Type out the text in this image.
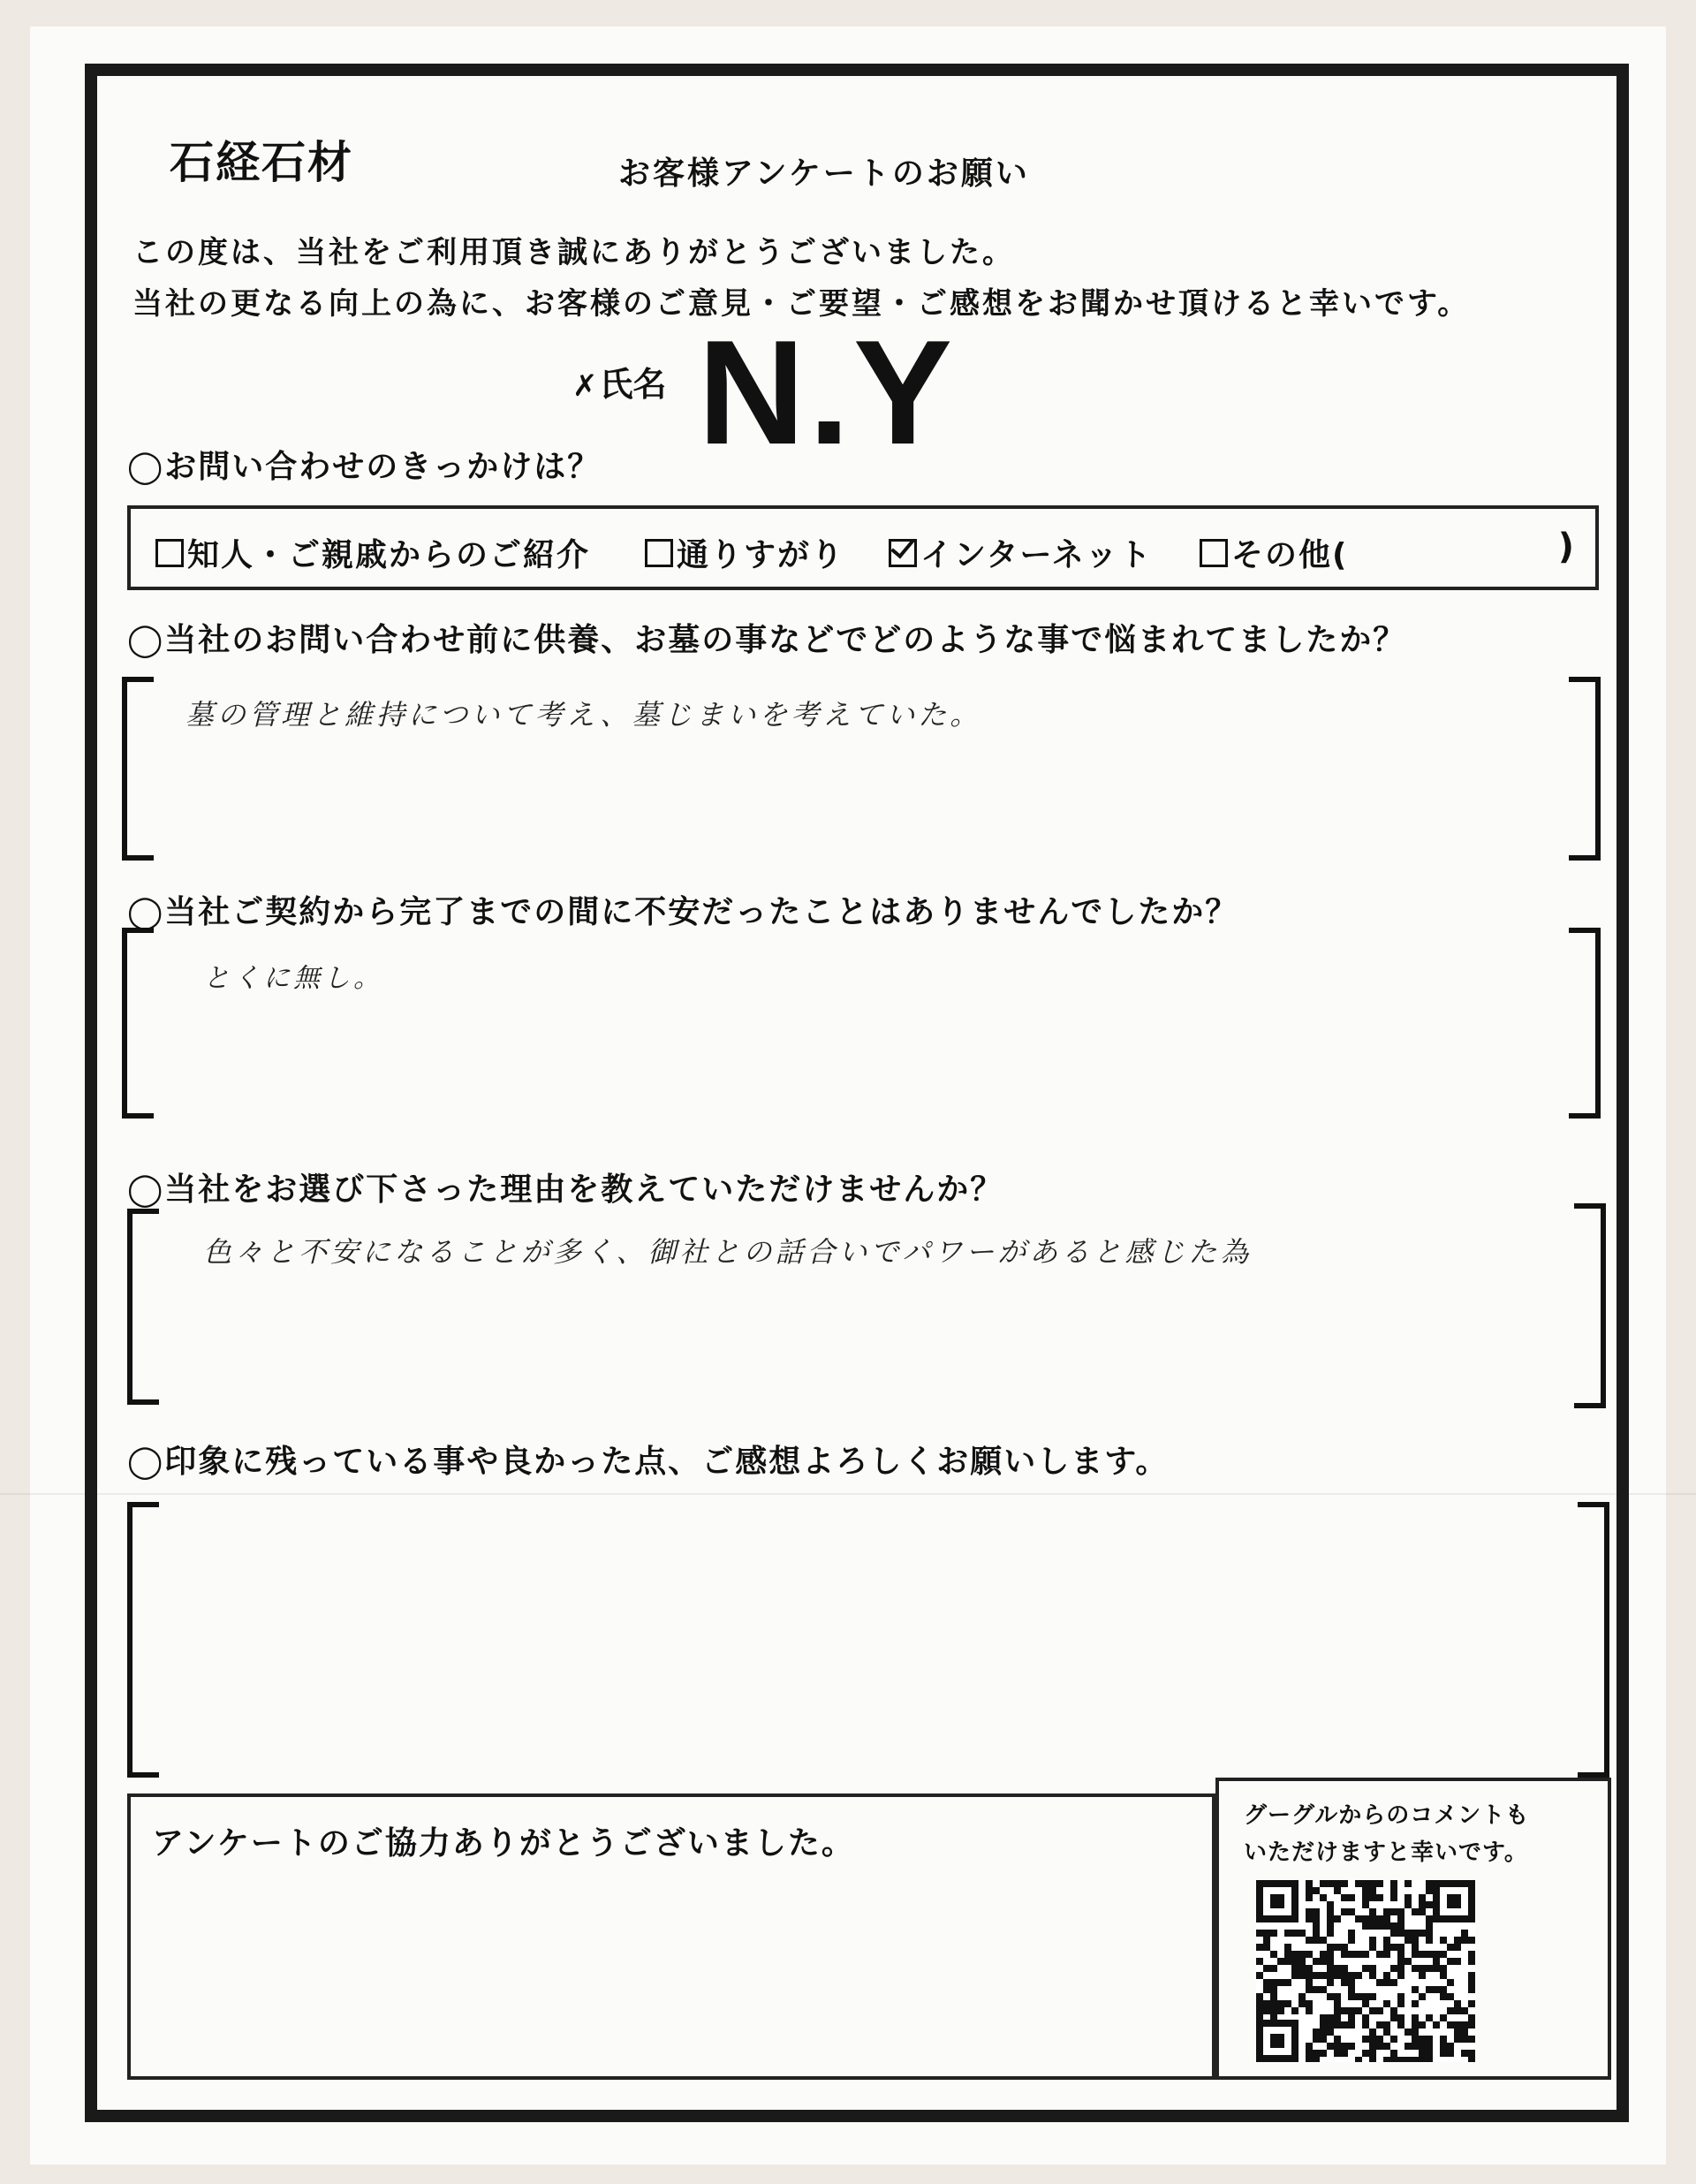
石経石材	お客様アンケートのお願い
この度は、当社をご利用頂き誠にありがとうございました。
当社の更なる向上の為に、お客様のご意見・ご要望・ご感想をお聞かせ頂けると幸いです。
✗氏名 N.Y
◯お問い合わせのきっかけは？
知人・ご親戚からのご紹介	通りすがり	インターネット	その他(	)
◯当社のお問い合わせ前に供養、お墓の事などでどのような事で悩まれてましたか？
墓の管理と維持について考え、墓じまいを考えていた。
◯当社ご契約から完了までの間に不安だったことはありませんでしたか？
とくに無し。
◯当社をお選び下さった理由を教えていただけませんか？
色々と不安になることが多く、御社との話合いでパワーがあると感じた為
◯印象に残っている事や良かった点、ご感想よろしくお願いします。
アンケートのご協力ありがとうございました。
グーグルからのコメントも
いただけますと幸いです。
